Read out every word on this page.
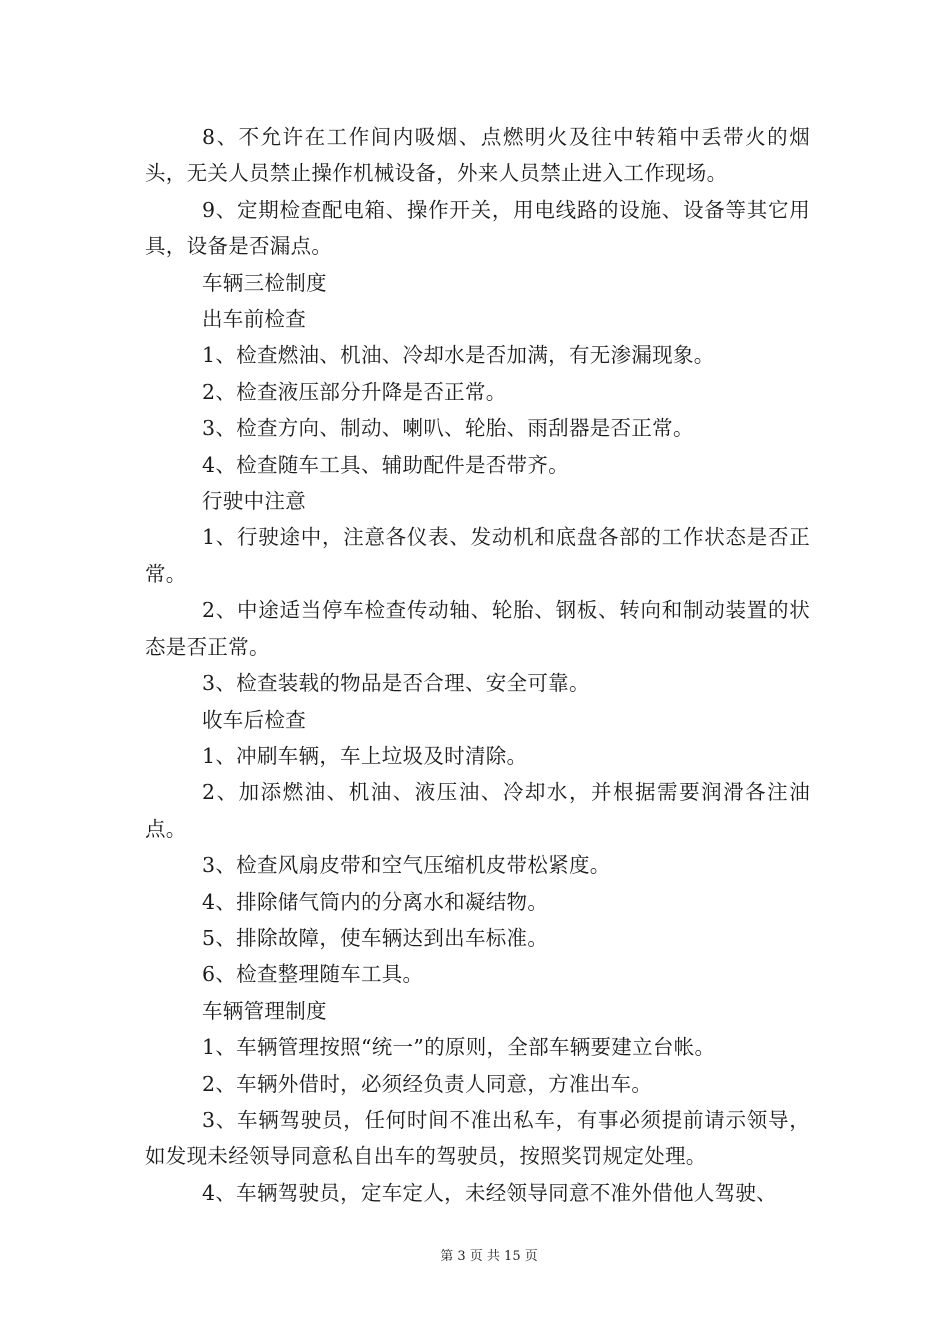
8、不允许在工作间内吸烟、点燃明火及往中转箱中丢带火的烟头，无关人员禁止操作机械设备，外来人员禁止进入工作现场。

9、定期检查配电箱、操作开关，用电线路的设施、设备等其它用具，设备是否漏点。

车辆三检制度

出车前检查

1、检查燃油、机油、冷却水是否加满，有无渗漏现象。

2、检查液压部分升降是否正常。

3、检查方向、制动、喇叭、轮胎、雨刮器是否正常。

4、检查随车工具、辅助配件是否带齐。

行驶中注意

1、行驶途中，注意各仪表、发动机和底盘各部的工作状态是否正常。

2、中途适当停车检查传动轴、轮胎、钢板、转向和制动装置的状态是否正常。

3、检查装载的物品是否合理、安全可靠。

收车后检查

1、冲刷车辆，车上垃圾及时清除。

2、加添燃油、机油、液压油、冷却水，并根据需要润滑各注油点。

3、检查风扇皮带和空气压缩机皮带松紧度。

4、排除储气筒内的分离水和凝结物。

5、排除故障，使车辆达到出车标准。

6、检查整理随车工具。

车辆管理制度

1、车辆管理按照“统一”的原则，全部车辆要建立台帐。

2、车辆外借时，必须经负责人同意，方准出车。

3、车辆驾驶员，任何时间不准出私车，有事必须提前请示领导，如发现未经领导同意私自出车的驾驶员，按照奖罚规定处理。

4、车辆驾驶员，定车定人，未经领导同意不准外借他人驾驶、

第 3 页 共 15 页
